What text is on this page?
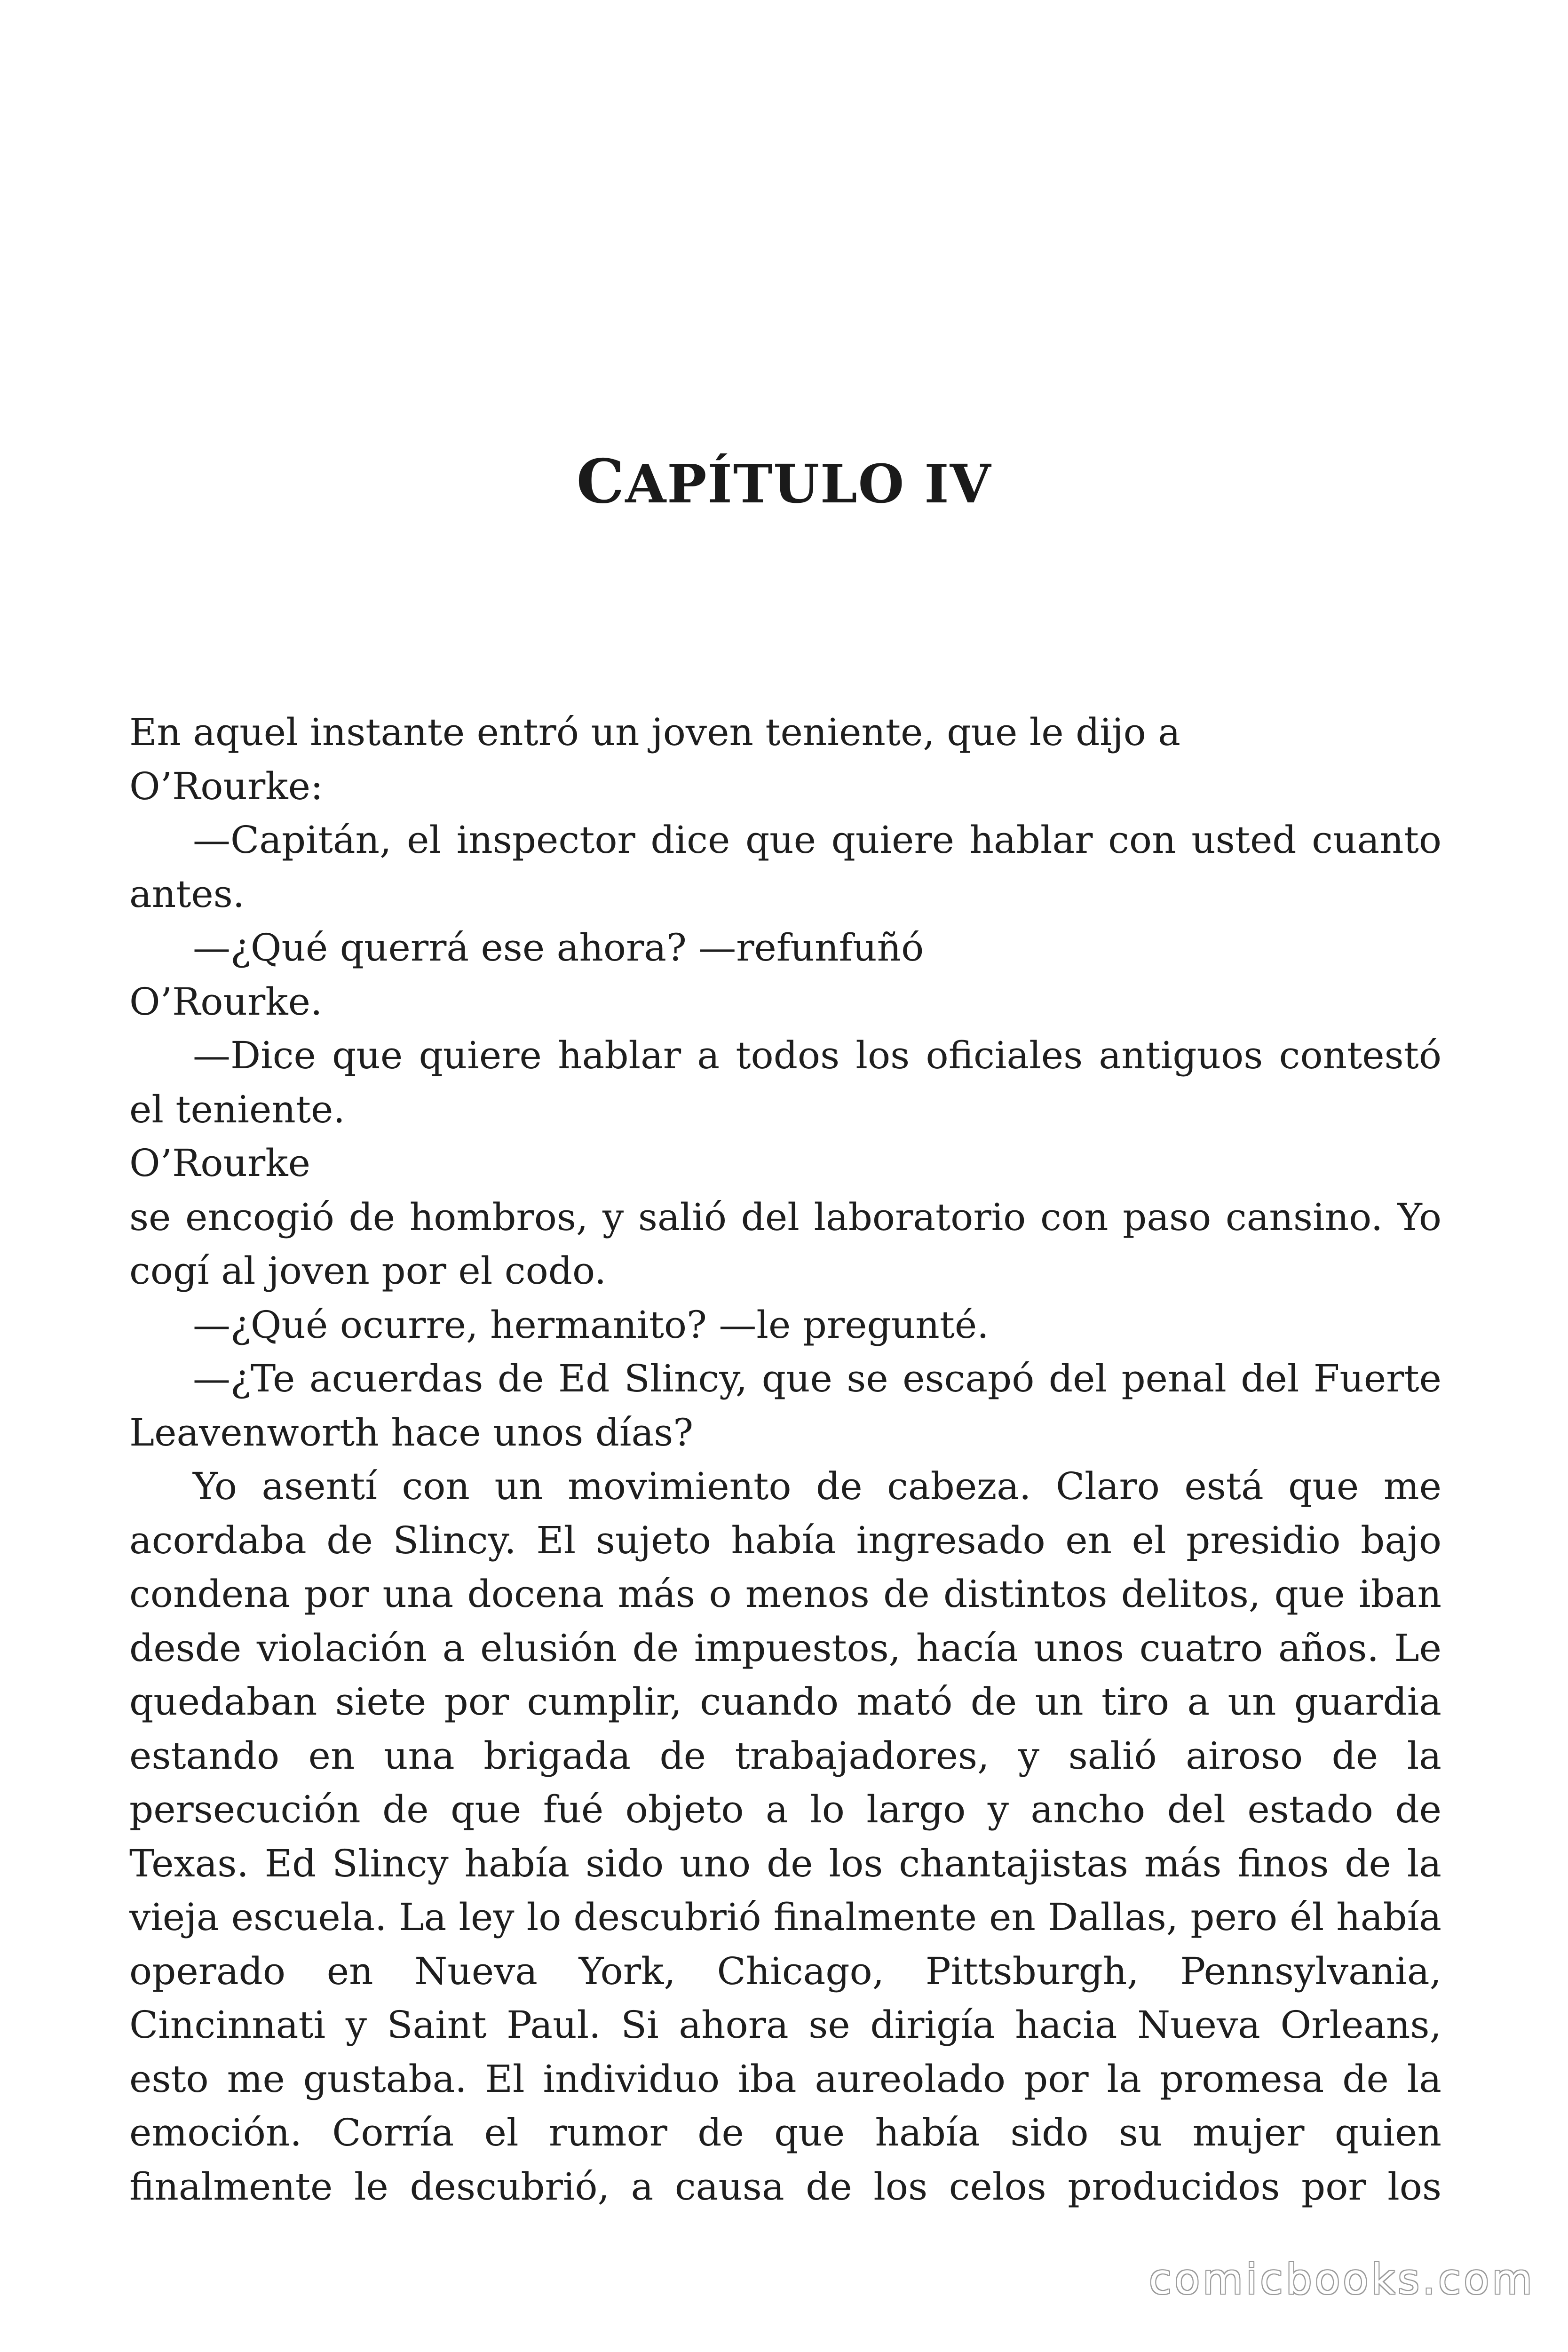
CAPÍTULO IV
En aquel instante entró un joven teniente, que le dijo a
O’Rourke:
—Capitán, el inspector dice que quiere hablar con usted cuanto
antes.
—¿Qué querrá ese ahora? —refunfuñó
O’Rourke.
—Dice que quiere hablar a todos los oficiales antiguos contestó
el teniente.
O’Rourke
se encogió de hombros, y salió del laboratorio con paso cansino. Yo
cogí al joven por el codo.
—¿Qué ocurre, hermanito? —le pregunté.
—¿Te acuerdas de Ed Slincy, que se escapó del penal del Fuerte
Leavenworth hace unos días?
Yo asentí con un movimiento de cabeza. Claro está que me
acordaba de Slincy. El sujeto había ingresado en el presidio bajo
condena por una docena más o menos de distintos delitos, que iban
desde violación a elusión de impuestos, hacía unos cuatro años. Le
quedaban siete por cumplir, cuando mató de un tiro a un guardia
estando en una brigada de trabajadores, y salió airoso de la
persecución de que fué objeto a lo largo y ancho del estado de
Texas. Ed Slincy había sido uno de los chantajistas más finos de la
vieja escuela. La ley lo descubrió finalmente en Dallas, pero él había
operado en Nueva York, Chicago, Pittsburgh, Pennsylvania,
Cincinnati y Saint Paul. Si ahora se dirigía hacia Nueva Orleans,
esto me gustaba. El individuo iba aureolado por la promesa de la
emoción. Corría el rumor de que había sido su mujer quien
finalmente le descubrió, a causa de los celos producidos por los
comicbooks.com
